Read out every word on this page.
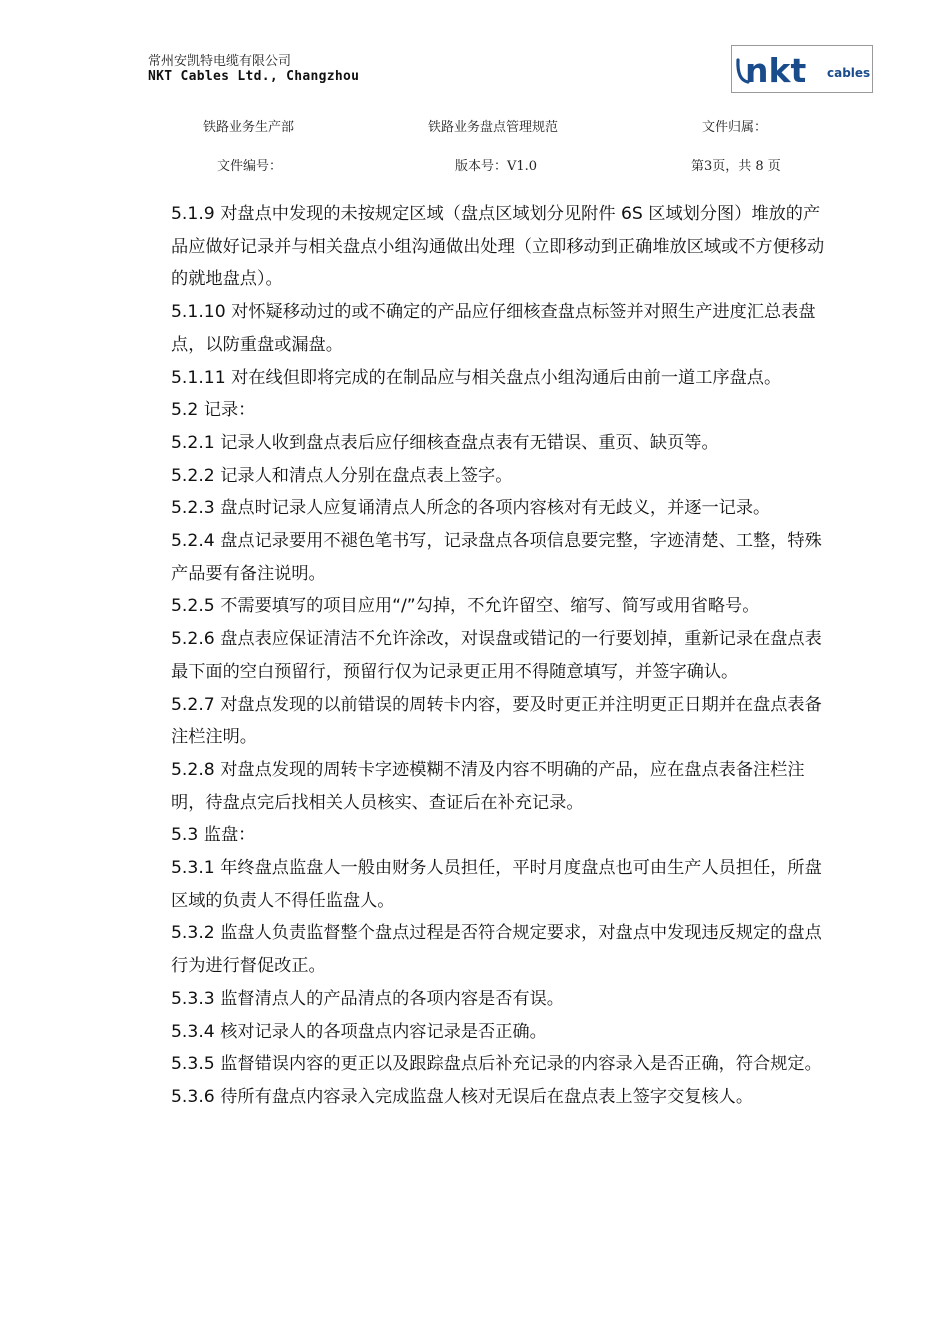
常州安凯特电缆有限公司
NKT Cables Ltd., Changzhou	nkt cables
铁路业务生产部	铁路业务盘点管理规范	文件归属：
文件编号：	版本号：V1.0	第3页，共 8 页

5.1.9 对盘点中发现的未按规定区域（盘点区域划分见附件 6S 区域划分图）堆放的产品应做好记录并与相关盘点小组沟通做出处理（立即移动到正确堆放区域或不方便移动的就地盘点）。

5.1.10 对怀疑移动过的或不确定的产品应仔细核查盘点标签并对照生产进度汇总表盘点，以防重盘或漏盘。

5.1.11 对在线但即将完成的在制品应与相关盘点小组沟通后由前一道工序盘点。

5.2 记录：

5.2.1 记录人收到盘点表后应仔细核查盘点表有无错误、重页、缺页等。

5.2.2 记录人和清点人分别在盘点表上签字。

5.2.3 盘点时记录人应复诵清点人所念的各项内容核对有无歧义，并逐一记录。

5.2.4 盘点记录要用不褪色笔书写，记录盘点各项信息要完整，字迹清楚、工整，特殊产品要有备注说明。

5.2.5 不需要填写的项目应用“/”勾掉，不允许留空、缩写、简写或用省略号。

5.2.6 盘点表应保证清洁不允许涂改，对误盘或错记的一行要划掉，重新记录在盘点表最下面的空白预留行，预留行仅为记录更正用不得随意填写，并签字确认。

5.2.7 对盘点发现的以前错误的周转卡内容，要及时更正并注明更正日期并在盘点表备注栏注明。

5.2.8 对盘点发现的周转卡字迹模糊不清及内容不明确的产品，应在盘点表备注栏注明，待盘点完后找相关人员核实、查证后在补充记录。

5.3 监盘：

5.3.1 年终盘点监盘人一般由财务人员担任，平时月度盘点也可由生产人员担任，所盘区域的负责人不得任监盘人。

5.3.2 监盘人负责监督整个盘点过程是否符合规定要求，对盘点中发现违反规定的盘点行为进行督促改正。

5.3.3 监督清点人的产品清点的各项内容是否有误。

5.3.4 核对记录人的各项盘点内容记录是否正确。

5.3.5 监督错误内容的更正以及跟踪盘点后补充记录的内容录入是否正确，符合规定。

5.3.6 待所有盘点内容录入完成监盘人核对无误后在盘点表上签字交复核人。
